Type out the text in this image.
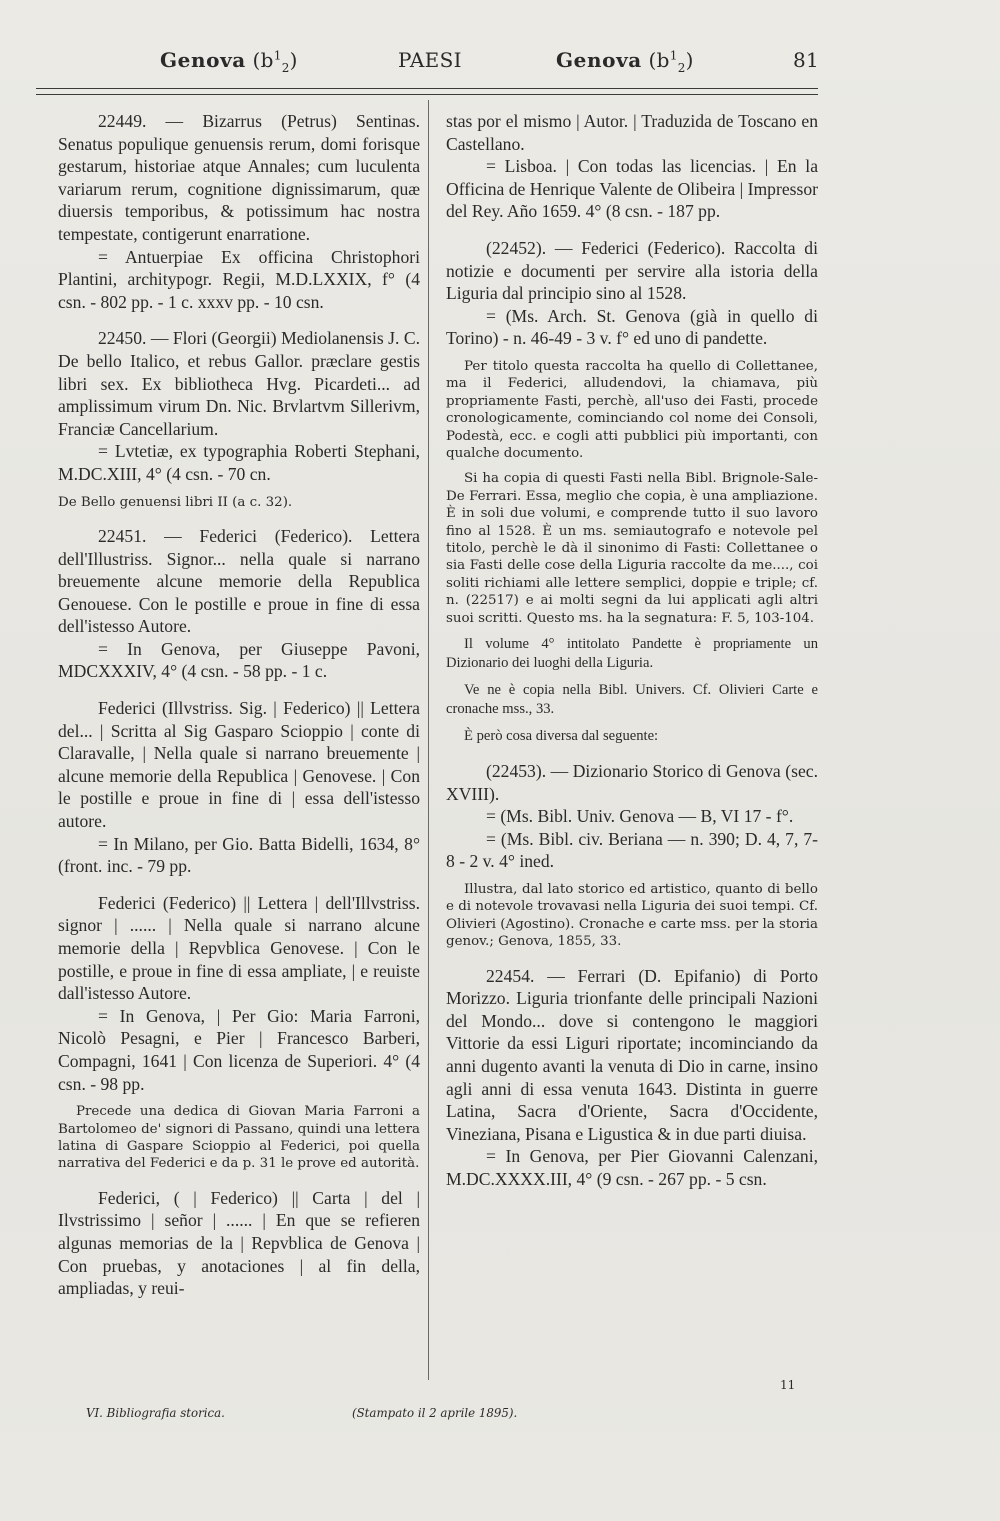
Genova $(b^1_2)$	PAESI	Genova $(b^1_2)$	81

22449. — Bizarrus (Petrus) Sentinas. Senatus populique genuensis rerum, domi forisque gestarum, historiae atque Annales; cum luculenta variarum rerum, cognitione dignissimarum, quæ diuersis temporibus, & potissimum hac nostra tempestate, contigerunt enarratione.

= Antuerpiae Ex officina Christophori Plantini, architypogr. Regii, M.D.LXXIX, f° (4 csn. - 802 pp. - 1 c. xxxv pp. - 10 csn.

22450. — Flori (Georgii) Mediolanensis J. C. De bello Italico, et rebus Gallor. præclare gestis libri sex. Ex bibliotheca Hvg. Picardeti... ad amplissimum virum Dn. Nic. Brvlartvm Sillerivm, Franciæ Cancellarium.

= Lvtetiæ, ex typographia Roberti Stephani, M.DC.XIII, 4° (4 csn. - 70 cn.

De Bello genuensi libri II (a c. 32).

22451. — Federici (Federico). Lettera dell'Illustriss. Signor... nella quale si narrano breuemente alcune memorie della Republica Genouese. Con le postille e proue in fine di essa dell'istesso Autore.

= In Genova, per Giuseppe Pavoni, MDCXXXIV, 4° (4 csn. - 58 pp. - 1 c.

Federici (Illvstriss. Sig. | Federico) || Lettera del... | Scritta al Sig Gasparo Scioppio | conte di Claravalle, | Nella quale si narrano breuemente | alcune memorie della Republica | Genovese. | Con le postille e proue in fine di | essa dell'istesso autore.

= In Milano, per Gio. Batta Bidelli, 1634, 8° (front. inc. - 79 pp.

Federici (Federico) || Lettera | dell'Illvstriss. signor | ...... | Nella quale si narrano alcune memorie della | Repvblica Genovese. | Con le postille, e proue in fine di essa ampliate, | e reuiste dall'istesso Autore.

= In Genova, | Per Gio: Maria Farroni, Nicolò Pesagni, e Pier | Francesco Barberi, Compagni, 1641 | Con licenza de Superiori. 4° (4 csn. - 98 pp.

Precede una dedica di Giovan Maria Farroni a Bartolomeo de' signori di Passano, quindi una lettera latina di Gaspare Scioppio al Federici, poi quella narrativa del Federici e da p. 31 le prove ed autorità.

Federici, ( | Federico) || Carta | del | Ilvstrissimo | señor | ...... | En que se refieren algunas memorias de la | Repvblica de Genova | Con pruebas, y anotaciones | al fin della, ampliadas, y reui-

stas por el mismo | Autor. | Traduzida de Toscano en Castellano.

= Lisboa. | Con todas las licencias. | En la Officina de Henrique Valente de Olibeira | Impressor del Rey. Año 1659. 4° (8 csn. - 187 pp.

(22452). — Federici (Federico). Raccolta di notizie e documenti per servire alla istoria della Liguria dal principio sino al 1528.

= (Ms. Arch. St. Genova (già in quello di Torino) - n. 46-49 - 3 v. f° ed uno di pandette.

Per titolo questa raccolta ha quello di Collettanee, ma il Federici, alludendovi, la chiamava, più propriamente Fasti, perchè, all'uso dei Fasti, procede cronologicamente, cominciando col nome dei Consoli, Podestà, ecc. e cogli atti pubblici più importanti, con qualche documento.

Si ha copia di questi Fasti nella Bibl. Brignole-Sale-De Ferrari. Essa, meglio che copia, è una ampliazione. È in soli due volumi, e comprende tutto il suo lavoro fino al 1528. È un ms. semiautografo e notevole pel titolo, perchè le dà il sinonimo di Fasti: Collettanee o sia Fasti delle cose della Liguria raccolte da me...., coi soliti richiami alle lettere semplici, doppie e triple; cf. n. (22517) e ai molti segni da lui applicati agli altri suoi scritti. Questo ms. ha la segnatura: F. 5, 103-104.

Il volume 4° intitolato Pandette è propriamente un Dizionario dei luoghi della Liguria.

Ve ne è copia nella Bibl. Univers. Cf. Olivieri Carte e cronache mss., 33.

È però cosa diversa dal seguente:

(22453). — Dizionario Storico di Genova (sec. XVIII).

= (Ms. Bibl. Univ. Genova — B, VI 17 - f°.

= (Ms. Bibl. civ. Beriana — n. 390; D. 4, 7, 7-8 - 2 v. 4° ined.

Illustra, dal lato storico ed artistico, quanto di bello e di notevole trovavasi nella Liguria dei suoi tempi. Cf. Olivieri (Agostino). Cronache e carte mss. per la storia genov.; Genova, 1855, 33.

22454. — Ferrari (D. Epifanio) di Porto Morizzo. Liguria trionfante delle principali Nazioni del Mondo... dove si contengono le maggiori Vittorie da essi Liguri riportate; incominciando da anni dugento avanti la venuta di Dio in carne, insino agli anni di essa venuta 1643. Distinta in guerre Latina, Sacra d'Oriente, Sacra d'Occidente, Vineziana, Pisana e Ligustica & in due parti diuisa.

= In Genova, per Pier Giovanni Calenzani, M.DC.XXXX.III, 4° (9 csn. - 267 pp. - 5 csn.

11
VI. Bibliografia storica.	(Stampato il 2 aprile 1895).
